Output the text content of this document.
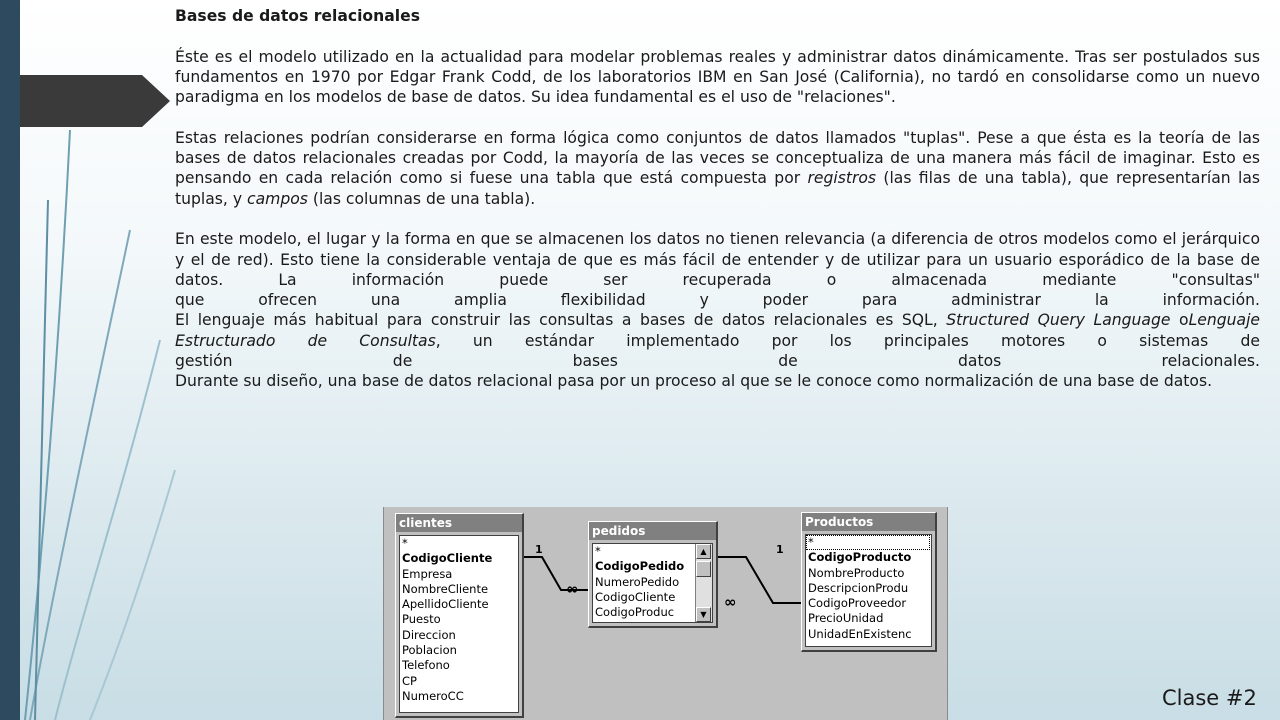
Bases de datos relacionales

Éste es el modelo utilizado en la actualidad para modelar problemas reales y administrar datos dinámicamente. Tras ser postulados sus fundamentos en 1970 por Edgar Frank Codd, de los laboratorios IBM en San José (California), no tardó en consolidarse como un nuevo paradigma en los modelos de base de datos. Su idea fundamental es el uso de "relaciones".

Estas relaciones podrían considerarse en forma lógica como conjuntos de datos llamados "tuplas". Pese a que ésta es la teoría de las bases de datos relacionales creadas por Codd, la mayoría de las veces se conceptualiza de una manera más fácil de imaginar. Esto es pensando en cada relación como si fuese una tabla que está compuesta por registros (las filas de una tabla), que representarían las tuplas, y campos (las columnas de una tabla).

En este modelo, el lugar y la forma en que se almacenen los datos no tienen relevancia (a diferencia de otros modelos como el jerárquico y el de red). Esto tiene la considerable ventaja de que es más fácil de entender y de utilizar para un usuario esporádico de la base de datos. La información puede ser recuperada o almacenada mediante "consultas"

que ofrecen una amplia flexibilidad y poder para administrar la información.

El lenguaje más habitual para construir las consultas a bases de datos relacionales es SQL, Structured Query Language oLenguaje Estructurado de Consultas, un estándar implementado por los principales motores o sistemas de

gestión de bases de datos relacionales.

Durante su diseño, una base de datos relacional pasa por un proceso al que se le conoce como normalización de una base de datos.

1
∞
1
∞
clientes
*
CodigoCliente
Empresa
NombreCliente
ApellidoCliente
Puesto
Direccion
Poblacion
Telefono
CP
NumeroCC
pedidos
*
CodigoPedido
NumeroPedido
CodigoCliente
CodigoProduc
▲
▼
Productos
*
CodigoProducto
NombreProducto
DescripcionProdu
CodigoProveedor
PrecioUnidad
UnidadEnExistenc
Clase #2
